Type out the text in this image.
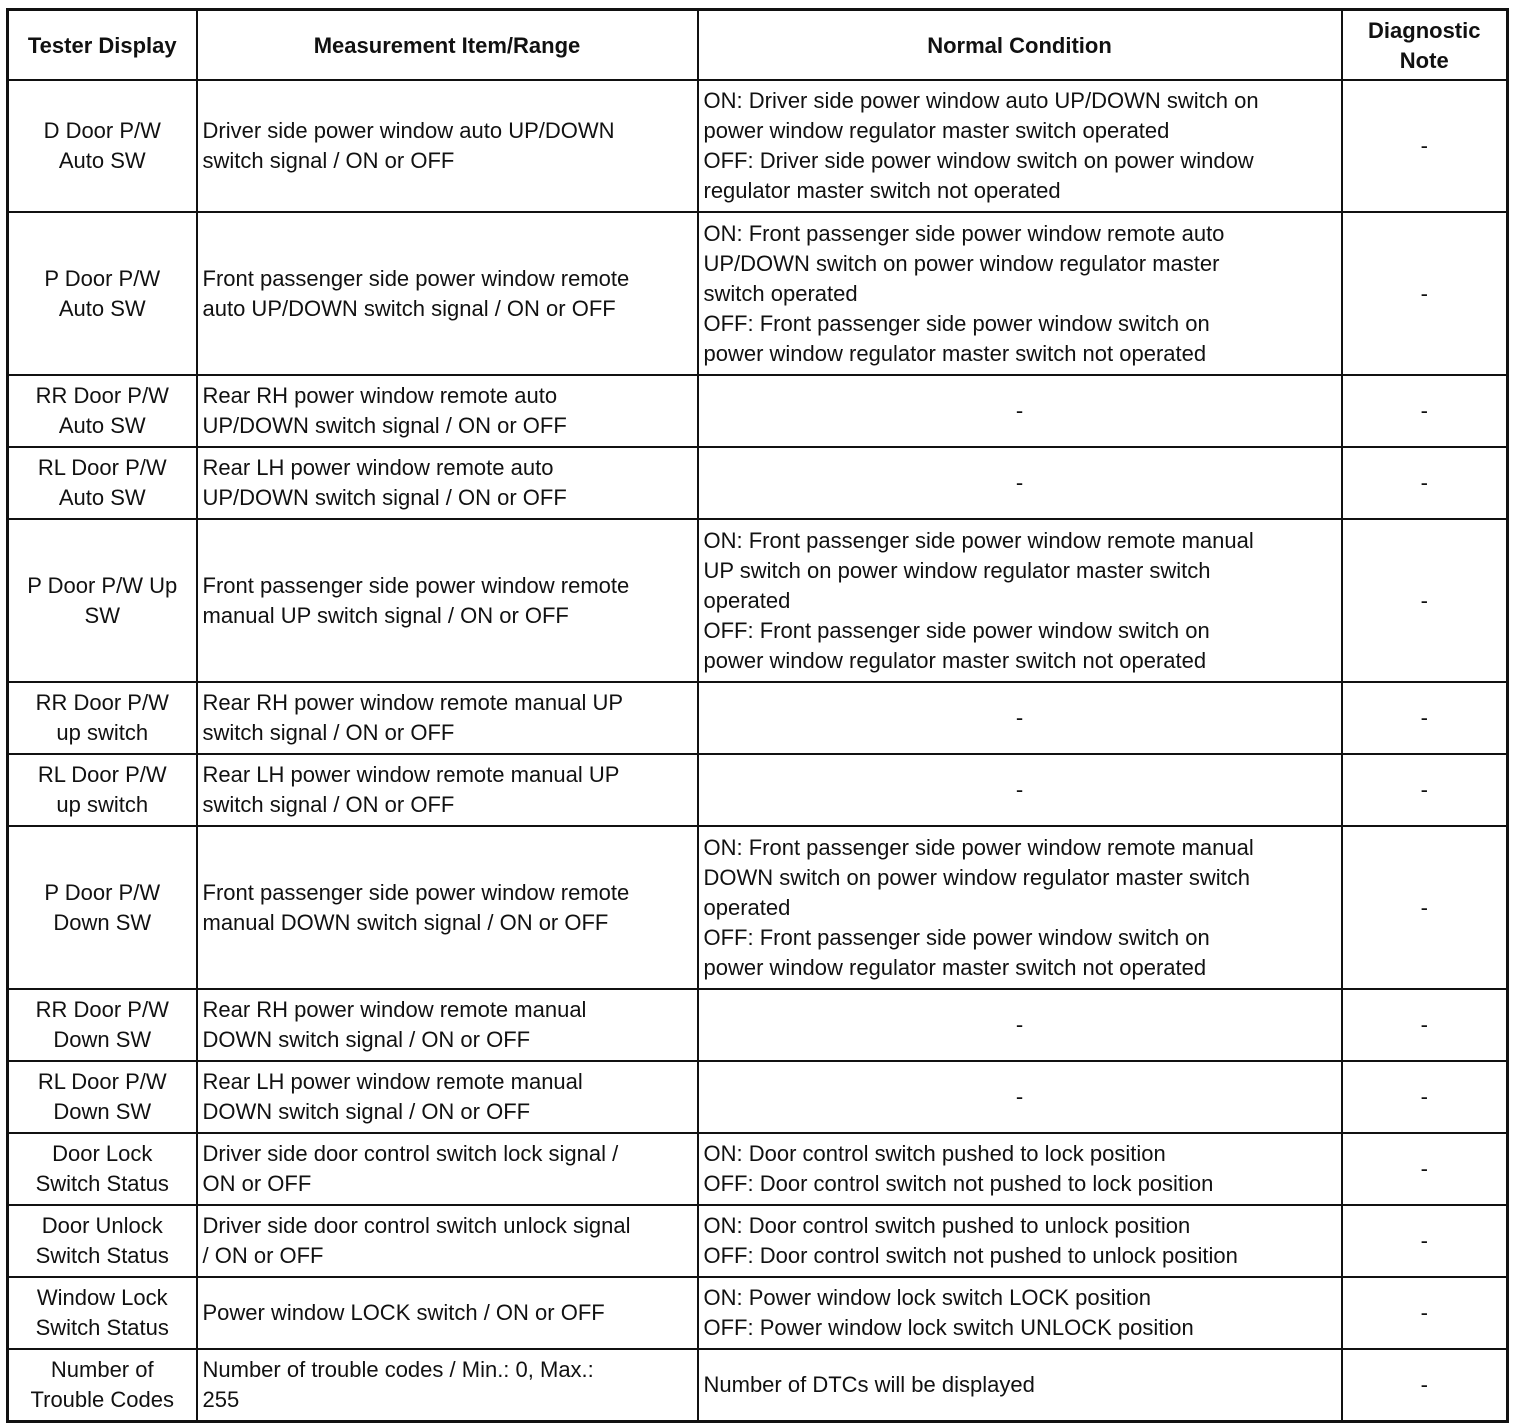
Tester Display	Measurement Item/Range	Normal Condition	Diagnostic
Note

D Door P/W
Auto SW	Driver side power window auto UP/DOWN
switch signal / ON or OFF	ON: Driver side power window auto UP/DOWN switch on
power window regulator master switch operated
OFF: Driver side power window switch on power window
regulator master switch not operated	-

P Door P/W
Auto SW	Front passenger side power window remote
auto UP/DOWN switch signal / ON or OFF	ON: Front passenger side power window remote auto
UP/DOWN switch on power window regulator master
switch operated
OFF: Front passenger side power window switch on
power window regulator master switch not operated	-

RR Door P/W
Auto SW	Rear RH power window remote auto
UP/DOWN switch signal / ON or OFF	-	-

RL Door P/W
Auto SW	Rear LH power window remote auto
UP/DOWN switch signal / ON or OFF	-	-

P Door P/W Up
SW	Front passenger side power window remote
manual UP switch signal / ON or OFF	ON: Front passenger side power window remote manual
UP switch on power window regulator master switch
operated
OFF: Front passenger side power window switch on
power window regulator master switch not operated	-

RR Door P/W
up switch	Rear RH power window remote manual UP
switch signal / ON or OFF	-	-

RL Door P/W
up switch	Rear LH power window remote manual UP
switch signal / ON or OFF	-	-

P Door P/W
Down SW	Front passenger side power window remote
manual DOWN switch signal / ON or OFF	ON: Front passenger side power window remote manual
DOWN switch on power window regulator master switch
operated
OFF: Front passenger side power window switch on
power window regulator master switch not operated	-

RR Door P/W
Down SW	Rear RH power window remote manual
DOWN switch signal / ON or OFF	-	-

RL Door P/W
Down SW	Rear LH power window remote manual
DOWN switch signal / ON or OFF	-	-

Door Lock
Switch Status	Driver side door control switch lock signal /
ON or OFF	ON: Door control switch pushed to lock position
OFF: Door control switch not pushed to lock position	-

Door Unlock
Switch Status	Driver side door control switch unlock signal
/ ON or OFF	ON: Door control switch pushed to unlock position
OFF: Door control switch not pushed to unlock position	-

Window Lock
Switch Status	Power window LOCK switch / ON or OFF	ON: Power window lock switch LOCK position
OFF: Power window lock switch UNLOCK position	-

Number of
Trouble Codes	Number of trouble codes / Min.: 0, Max.:
255	Number of DTCs will be displayed	-
